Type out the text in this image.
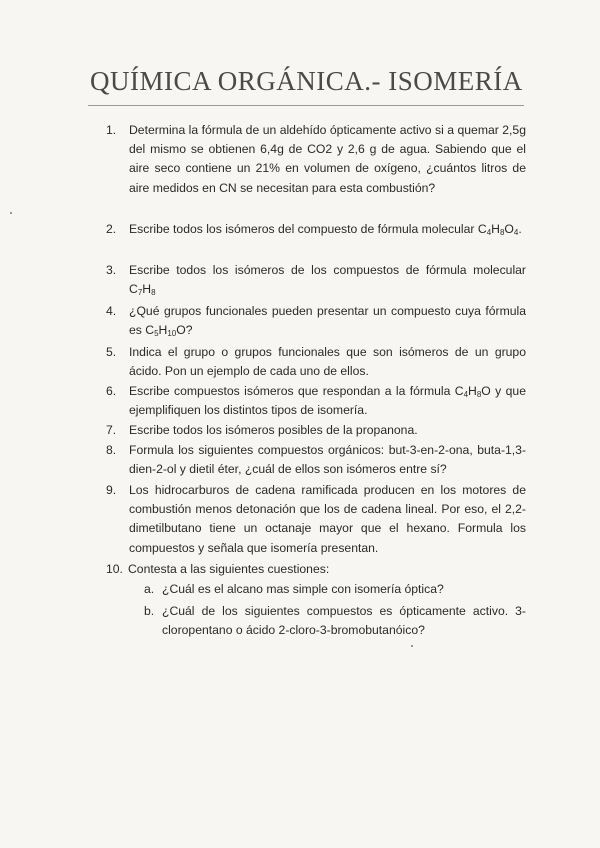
QUÍMICA ORGÁNICA.- ISOMERÍA
1. Determina la fórmula de un aldehído ópticamente activo si a quemar 2,5g del mismo se obtienen 6,4g de CO2 y 2,6 g de agua. Sabiendo que el aire seco contiene un 21% en volumen de oxígeno, ¿cuántos litros de aire medidos en CN se necesitan para esta combustión?
2. Escribe todos los isómeros del compuesto de fórmula molecular $C_4H_8O_4$.
3. Escribe todos los isómeros de los compuestos de fórmula molecular $C_7H_8$
4. ¿Qué grupos funcionales pueden presentar un compuesto cuya fórmula es $C_5H_{10}O$?
5. Indica el grupo o grupos funcionales que son isómeros de un grupo ácido. Pon un ejemplo de cada uno de ellos.
6. Escribe compuestos isómeros que respondan a la fórmula $C_4H_8O$ y que ejemplifiquen los distintos tipos de isomería.
7. Escribe todos los isómeros posibles de la propanona.
8. Formula los siguientes compuestos orgánicos: but-3-en-2-ona, buta-1,3-dien-2-ol y dietil éter, ¿cuál de ellos son isómeros entre sí?
9. Los hidrocarburos de cadena ramificada producen en los motores de combustión menos detonación que los de cadena lineal. Por eso, el 2,2-dimetilbutano tiene un octanaje mayor que el hexano. Formula los compuestos y señala que isomería presentan.
10. Contesta a las siguientes cuestiones:
a. ¿Cuál es el alcano mas simple con isomería óptica?
b. ¿Cuál de los siguientes compuestos es ópticamente activo. 3-cloropentano o ácido 2-cloro-3-bromobutanóico?
